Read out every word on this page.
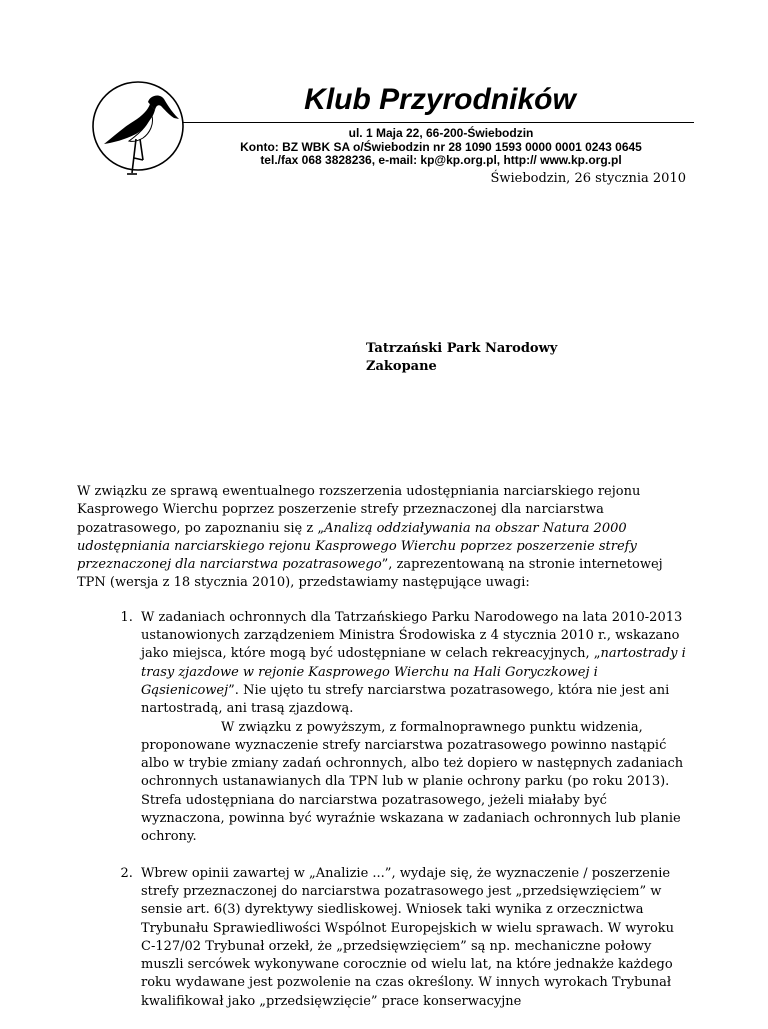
Klub Przyrodników
ul. 1 Maja 22, 66-200-Świebodzin
Konto: BZ WBK SA o/Świebodzin nr 28 1090 1593 0000 0001 0243 0645
tel./fax 068 3828236, e-mail: kp@kp.org.pl, http:// www.kp.org.pl
Świebodzin, 26 stycznia 2010
Tatrzański Park Narodowy
Zakopane

W związku ze sprawą ewentualnego rozszerzenia udostępniania narciarskiego rejonu Kasprowego Wierchu poprzez poszerzenie strefy przeznaczonej dla narciarstwa pozatrasowego, po zapoznaniu się z „Analizą oddziaływania na obszar Natura 2000 udostępniania narciarskiego rejonu Kasprowego Wierchu poprzez poszerzenie strefy przeznaczonej dla narciarstwa pozatrasowego”, zaprezentowaną na stronie internetowej TPN (wersja z 18 stycznia 2010), przedstawiamy następujące uwagi:

1. W zadaniach ochronnych dla Tatrzańskiego Parku Narodowego na lata 2010-2013 ustanowionych zarządzeniem Ministra Środowiska z 4 stycznia 2010 r., wskazano jako miejsca, które mogą być udostępniane w celach rekreacyjnych, „nartostrady i trasy zjazdowe w rejonie Kasprowego Wierchu na Hali Goryczkowej i Gąsienicowej”. Nie ujęto tu strefy narciarstwa pozatrasowego, która nie jest ani nartostradą, ani trasą zjazdową.

W związku z powyższym, z formalnoprawnego punktu widzenia, proponowane wyznaczenie strefy narciarstwa pozatrasowego powinno nastąpić albo w trybie zmiany zadań ochronnych, albo też dopiero w następnych zadaniach ochronnych ustanawianych dla TPN lub w planie ochrony parku (po roku 2013). Strefa udostępniana do narciarstwa pozatrasowego, jeżeli miałaby być wyznaczona, powinna być wyraźnie wskazana w zadaniach ochronnych lub planie ochrony.

2. Wbrew opinii zawartej w „Analizie ...”, wydaje się, że wyznaczenie / poszerzenie strefy przeznaczonej do narciarstwa pozatrasowego jest „przedsięwzięciem” w sensie art. 6(3) dyrektywy siedliskowej. Wniosek taki wynika z orzecznictwa Trybunału Sprawiedliwości Wspólnot Europejskich w wielu sprawach. W wyroku C-127/02 Trybunał orzekł, że „przedsięwzięciem” są np. mechaniczne połowy muszli sercówek wykonywane corocznie od wielu lat, na które jednakże każdego roku wydawane jest pozwolenie na czas określony. W innych wyrokach Trybunał kwalifikował jako „przedsięwzięcie” prace konserwacyjne
